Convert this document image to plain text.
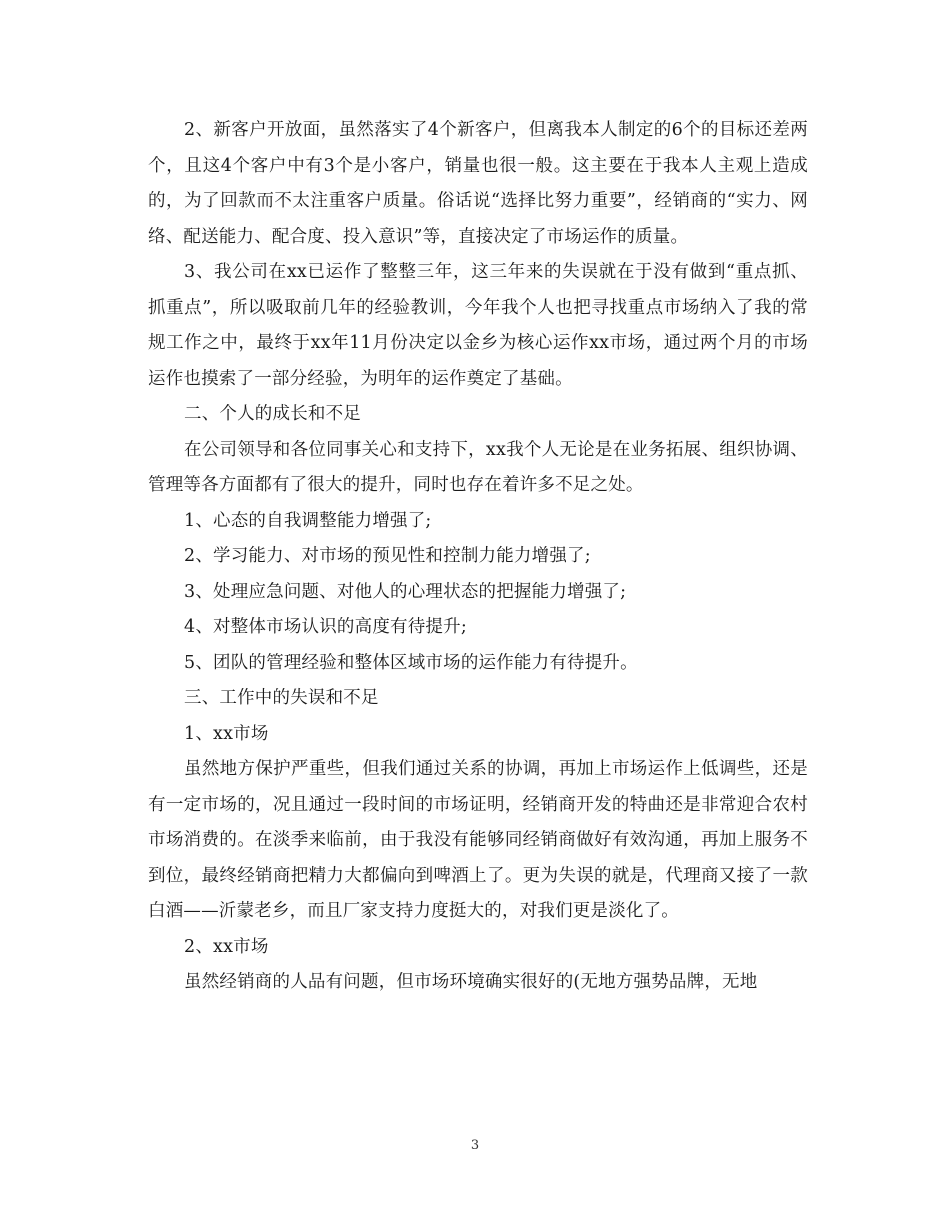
2、新客户开放面，虽然落实了4个新客户，但离我本人制定的6个的目标还差两个，且这4个客户中有3个是小客户，销量也很一般。这主要在于我本人主观上造成的，为了回款而不太注重客户质量。俗话说“选择比努力重要”，经销商的“实力、网络、配送能力、配合度、投入意识”等，直接决定了市场运作的质量。

3、我公司在xx已运作了整整三年，这三年来的失误就在于没有做到“重点抓、抓重点”，所以吸取前几年的经验教训，今年我个人也把寻找重点市场纳入了我的常规工作之中，最终于xx年11月份决定以金乡为核心运作xx市场，通过两个月的市场运作也摸索了一部分经验，为明年的运作奠定了基础。

二、个人的成长和不足

在公司领导和各位同事关心和支持下，xx我个人无论是在业务拓展、组织协调、管理等各方面都有了很大的提升，同时也存在着许多不足之处。

1、心态的自我调整能力增强了;

2、学习能力、对市场的预见性和控制力能力增强了;

3、处理应急问题、对他人的心理状态的把握能力增强了;

4、对整体市场认识的高度有待提升;

5、团队的管理经验和整体区域市场的运作能力有待提升。

三、工作中的失误和不足

1、xx市场

虽然地方保护严重些，但我们通过关系的协调，再加上市场运作上低调些，还是有一定市场的，况且通过一段时间的市场证明，经销商开发的特曲还是非常迎合农村市场消费的。在淡季来临前，由于我没有能够同经销商做好有效沟通，再加上服务不到位，最终经销商把精力大都偏向到啤酒上了。更为失误的就是，代理商又接了一款白酒——沂蒙老乡，而且厂家支持力度挺大的，对我们更是淡化了。

2、xx市场

虽然经销商的人品有问题，但市场环境确实很好的(无地方强势品牌，无地

3
